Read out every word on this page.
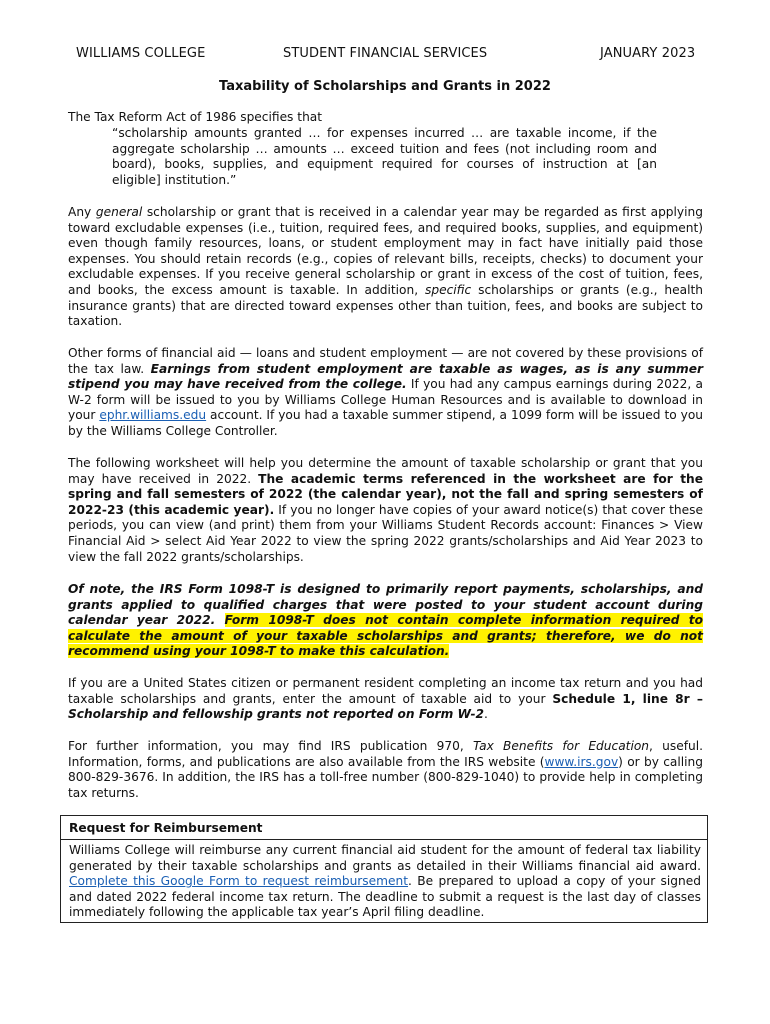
WILLIAMS COLLEGE	STUDENT FINANCIAL SERVICES	JANUARY 2023
Taxability of Scholarships and Grants in 2022

The Tax Reform Act of 1986 specifies that

“scholarship amounts granted … for expenses incurred … are taxable income, if the aggregate scholarship … amounts … exceed tuition and fees (not including room and board), books, supplies, and equipment required for courses of instruction at [an eligible] institution.”

Any general scholarship or grant that is received in a calendar year may be regarded as first applying toward excludable expenses (i.e., tuition, required fees, and required books, supplies, and equipment) even though family resources, loans, or student employment may in fact have initially paid those expenses. You should retain records (e.g., copies of relevant bills, receipts, checks) to document your excludable expenses. If you receive general scholarship or grant in excess of the cost of tuition, fees, and books, the excess amount is taxable. In addition, specific scholarships or grants (e.g., health insurance grants) that are directed toward expenses other than tuition, fees, and books are subject to taxation.

Other forms of financial aid — loans and student employment — are not covered by these provisions of the tax law. Earnings from student employment are taxable as wages, as is any summer stipend you may have received from the college. If you had any campus earnings during 2022, a W-2 form will be issued to you by Williams College Human Resources and is available to download in your ephr.williams.edu account. If you had a taxable summer stipend, a 1099 form will be issued to you by the Williams College Controller.

The following worksheet will help you determine the amount of taxable scholarship or grant that you may have received in 2022. The academic terms referenced in the worksheet are for the spring and fall semesters of 2022 (the calendar year), not the fall and spring semesters of 2022-23 (this academic year). If you no longer have copies of your award notice(s) that cover these periods, you can view (and print) them from your Williams Student Records account: Finances > View Financial Aid > select Aid Year 2022 to view the spring 2022 grants/scholarships and Aid Year 2023 to view the fall 2022 grants/scholarships.

Of note, the IRS Form 1098-T is designed to primarily report payments, scholarships, and grants applied to qualified charges that were posted to your student account during calendar year 2022. Form 1098-T does not contain complete information required to calculate the amount of your taxable scholarships and grants; therefore, we do not recommend using your 1098-T to make this calculation.

If you are a United States citizen or permanent resident completing an income tax return and you had taxable scholarships and grants, enter the amount of taxable aid to your Schedule 1, line 8r – Scholarship and fellowship grants not reported on Form W-2.

For further information, you may find IRS publication 970, Tax Benefits for Education, useful. Information, forms, and publications are also available from the IRS website (www.irs.gov) or by calling 800-829-3676. In addition, the IRS has a toll-free number (800-829-1040) to provide help in completing tax returns.

Request for Reimbursement

Williams College will reimburse any current financial aid student for the amount of federal tax liability generated by their taxable scholarships and grants as detailed in their Williams financial aid award. Complete this Google Form to request reimbursement. Be prepared to upload a copy of your signed and dated 2022 federal income tax return. The deadline to submit a request is the last day of classes immediately following the applicable tax year’s April filing deadline.
